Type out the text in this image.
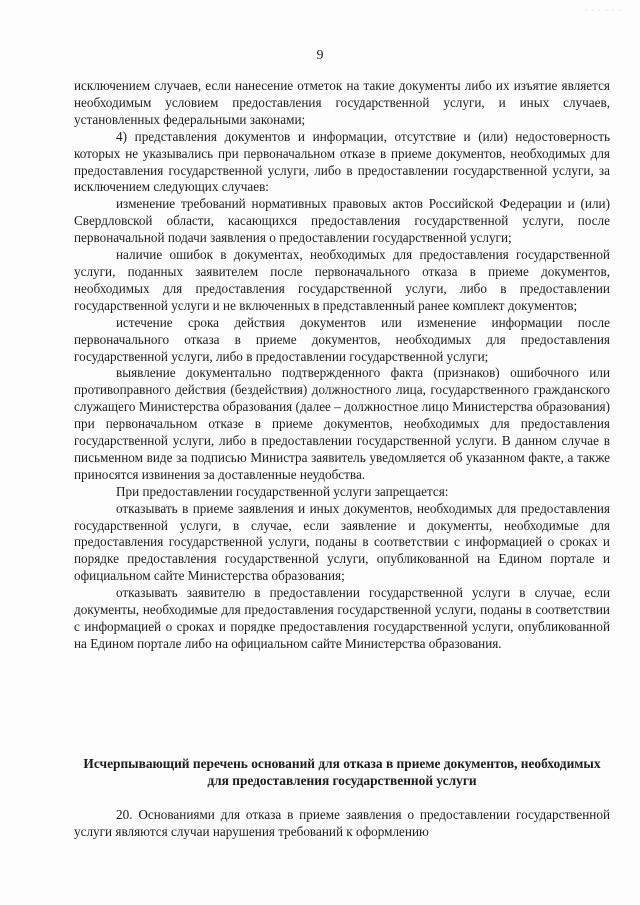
· · · · · ·
9

исключением случаев, если нанесение отметок на такие документы либо их изъятие является необходимым условием предоставления государственной услуги, и иных случаев, установленных федеральными законами;

4) представления документов и информации, отсутствие и (или) недостоверность которых не указывались при первоначальном отказе в приеме документов, необходимых для предоставления государственной услуги, либо в предоставлении государственной услуги, за исключением следующих случаев:

изменение требований нормативных правовых актов Российской Федерации и (или) Свердловской области, касающихся предоставления государственной услуги, после первоначальной подачи заявления о предоставлении государственной услуги;

наличие ошибок в документах, необходимых для предоставления государственной услуги, поданных заявителем после первоначального отказа в приеме документов, необходимых для предоставления государственной услуги, либо в предоставлении государственной услуги и не включенных в представленный ранее комплект документов;

истечение срока действия документов или изменение информации после первоначального отказа в приеме документов, необходимых для предоставления государственной услуги, либо в предоставлении государственной услуги;

выявление документально подтвержденного факта (признаков) ошибочного или противоправного действия (бездействия) должностного лица, государственного гражданского служащего Министерства образования (далее – должностное лицо Министерства образования) при первоначальном отказе в приеме документов, необходимых для предоставления государственной услуги, либо в предоставлении государственной услуги. В данном случае в письменном виде за подписью Министра заявитель уведомляется об указанном факте, а также приносятся извинения за доставленные неудобства.

При предоставлении государственной услуги запрещается:

отказывать в приеме заявления и иных документов, необходимых для предоставления государственной услуги, в случае, если заявление и документы, необходимые для предоставления государственной услуги, поданы в соответствии с информацией о сроках и порядке предоставления государственной услуги, опубликованной на Едином портале и официальном сайте Министерства образования;

отказывать заявителю в предоставлении государственной услуги в случае, если документы, необходимые для предоставления государственной услуги, поданы в соответствии с информацией о сроках и порядке предоставления государственной услуги, опубликованной на Едином портале либо на официальном сайте Министерства образования.

Исчерпывающий перечень оснований для отказа в приеме документов, необходимых для предоставления государственной услуги

20. Основаниями для отказа в приеме заявления о предоставлении государственной услуги являются случаи нарушения требований к оформлению
